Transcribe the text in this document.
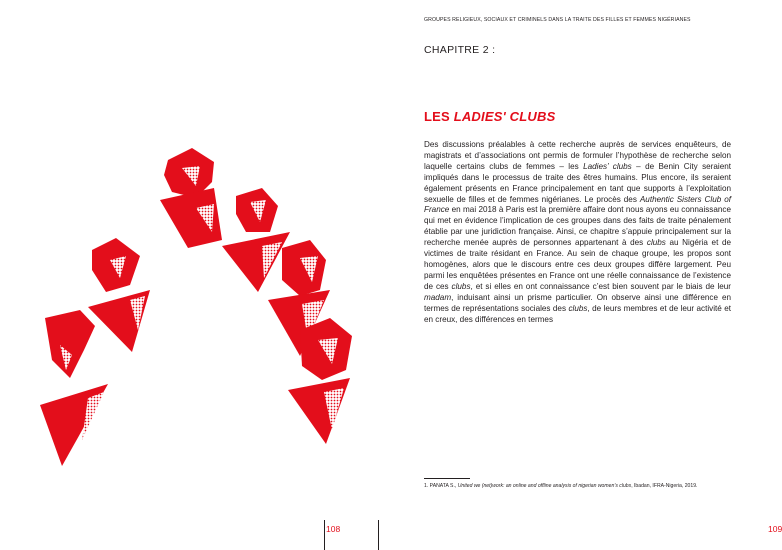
108
GROUPES RELIGIEUX, SOCIAUX ET CRIMINELS DANS LA TRAITE DES FILLES ET FEMMES NIGÉRIANES
CHAPITRE 2 :
LES LADIES' CLUBS

Des discussions préalables à cette recherche auprès de services enquêteurs, de magistrats et d’associations ont permis de formuler l’hypothèse de recherche selon laquelle certains clubs de femmes – les Ladies’ clubs – de Benin City seraient impliqués dans le processus de traite des êtres humains. Plus encore, ils seraient également présents en France principalement en tant que supports à l’exploitation sexuelle de filles et de femmes nigérianes. Le procès des Authentic Sisters Club of France en mai 2018 à Paris est la première affaire dont nous ayons eu connaissance qui met en évidence l’implication de ces groupes dans des faits de traite pénalement établie par une juridiction française. Ainsi, ce chapitre s’appuie principalement sur la recherche menée auprès de personnes appartenant à des clubs au Nigéria et de victimes de traite résidant en France. Au sein de chaque groupe, les propos sont homogènes, alors que le discours entre ces deux groupes diffère largement. Peu parmi les enquêtées présentes en France ont une réelle connaissance de l’existence de ces clubs, et si elles en ont connaissance c’est bien souvent par le biais de leur madam, induisant ainsi un prisme particulier. On observe ainsi une différence en termes de représentations sociales des clubs, de leurs membres et de leur activité et en creux, des différences en termes

1. PANATA S., United we (net)work: an online and offline analysis of nigerian women’s clubs, Ibadan, IFRA-Nigeria, 2019.
109
